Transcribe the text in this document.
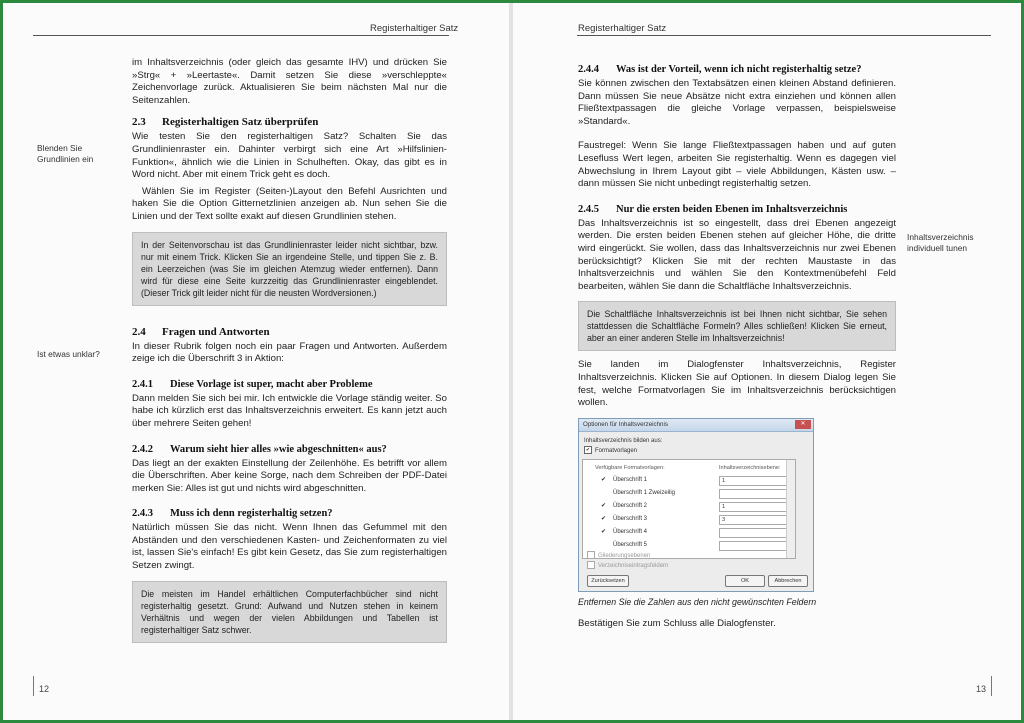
Registerhaltiger Satz
Blenden Sie Grundlinien ein
Ist etwas unklar?

im Inhaltsverzeichnis (oder gleich das gesamte IHV) und drücken Sie »Strg« + »Leertaste«. Damit setzen Sie diese »verschleppte« Zeichenvorlage zurück. Aktualisieren Sie beim nächsten Mal nur die Seitenzahlen.

2.3 Registerhaltigen Satz überprüfen

Wie testen Sie den registerhaltigen Satz? Schalten Sie das Grundlinienraster ein. Dahinter verbirgt sich eine Art »Hilfslinien-Funktion«, ähnlich wie die Linien in Schulheften. Okay, das gibt es in Word nicht. Aber mit einem Trick geht es doch.

Wählen Sie im Register (Seiten-)Layout den Befehl Ausrichten und haken Sie die Option Gitternetzlinien anzeigen ab. Nun sehen Sie die Linien und der Text sollte exakt auf diesen Grundlinien stehen.

In der Seitenvorschau ist das Grundlinienraster leider nicht sichtbar, bzw. nur mit einem Trick. Klicken Sie an irgendeine Stelle, und tippen Sie z. B. ein Leerzeichen (was Sie im gleichen Atemzug wieder entfernen). Dann wird für diese eine Seite kurzzeitig das Grundlinienraster eingeblendet. (Dieser Trick gilt leider nicht für die neusten Wordversionen.)
2.4 Fragen und Antworten

In dieser Rubrik folgen noch ein paar Fragen und Antworten. Außerdem zeige ich die Überschrift 3 in Aktion:

2.4.1 Diese Vorlage ist super, macht aber Probleme

Dann melden Sie sich bei mir. Ich entwickle die Vorlage ständig weiter. So habe ich kürzlich erst das Inhaltsverzeichnis erweitert. Es kann jetzt auch über mehrere Seiten gehen!

2.4.2 Warum sieht hier alles »wie abgeschnitten« aus?

Das liegt an der exakten Einstellung der Zeilenhöhe. Es betrifft vor allem die Überschriften. Aber keine Sorge, nach dem Schreiben der PDF-Datei merken Sie: Alles ist gut und nichts wird abgeschnitten.

2.4.3 Muss ich denn registerhaltig setzen?

Natürlich müssen Sie das nicht. Wenn Ihnen das Gefummel mit den Abständen und den verschiedenen Kasten- und Zeichenformaten zu viel ist, lassen Sie's einfach! Es gibt kein Gesetz, das Sie zum registerhaltigen Setzen zwingt.

Die meisten im Handel erhältlichen Computerfachbücher sind nicht registerhaltig gesetzt. Grund: Aufwand und Nutzen stehen in keinem Verhältnis und wegen der vielen Abbildungen und Tabellen ist registerhaltiger Satz schwer.
12
Registerhaltiger Satz
Inhaltsverzeichnis individuell tunen
2.4.4 Was ist der Vorteil, wenn ich nicht registerhaltig setze?

Sie können zwischen den Textabsätzen einen kleinen Abstand definieren. Dann müssen Sie neue Absätze nicht extra einziehen und können allen Fließtextpassagen die gleiche Vorlage verpassen, beispielsweise »Standard«.

Faustregel: Wenn Sie lange Fließtextpassagen haben und auf guten Lesefluss Wert legen, arbeiten Sie registerhaltig. Wenn es dagegen viel Abwechslung in Ihrem Layout gibt – viele Abbildungen, Kästen usw. – dann müssen Sie nicht unbedingt registerhaltig setzen.

2.4.5 Nur die ersten beiden Ebenen im Inhaltsverzeichnis

Das Inhaltsverzeichnis ist so eingestellt, dass drei Ebenen angezeigt werden. Die ersten beiden Ebenen stehen auf gleicher Höhe, die dritte wird eingerückt. Sie wollen, dass das Inhaltsverzeichnis nur zwei Ebenen berücksichtigt? Klicken Sie mit der rechten Maustaste in das Inhaltsverzeichnis und wählen Sie den Kontextmenübefehl Feld bearbeiten, wählen Sie dann die Schaltfläche Inhaltsverzeichnis.

Die Schaltfläche Inhaltsverzeichnis ist bei Ihnen nicht sichtbar, Sie sehen stattdessen die Schaltfläche Formeln? Alles schließen! Klicken Sie erneut, aber an einer anderen Stelle im Inhaltsverzeichnis!

Sie landen im Dialogfenster Inhaltsverzeichnis, Register Inhaltsverzeichnis. Klicken Sie auf Optionen. In diesem Dialog legen Sie fest, welche Formatvorlagen Sie im Inhaltsverzeichnis berücksichtigen wollen.

Optionen für Inhaltsverzeichnis	✕
Inhaltsverzeichnis bilden aus:
✔ Formatvorlagen
Verfügbare Formatvorlagen:	Inhaltsverzeichnisebene:
✔ Überschrift 1	1
Überschrift 1 Zweizeilig
✔ Überschrift 2	1
✔ Überschrift 3	3
✔ Überschrift 4
Überschrift 5
Gliederungsebenen
Verzeichniseintragsfeldern
Zurücksetzen	OK	Abbrechen
Entfernen Sie die Zahlen aus den nicht gewünschten Feldern

Bestätigen Sie zum Schluss alle Dialogfenster.

13
